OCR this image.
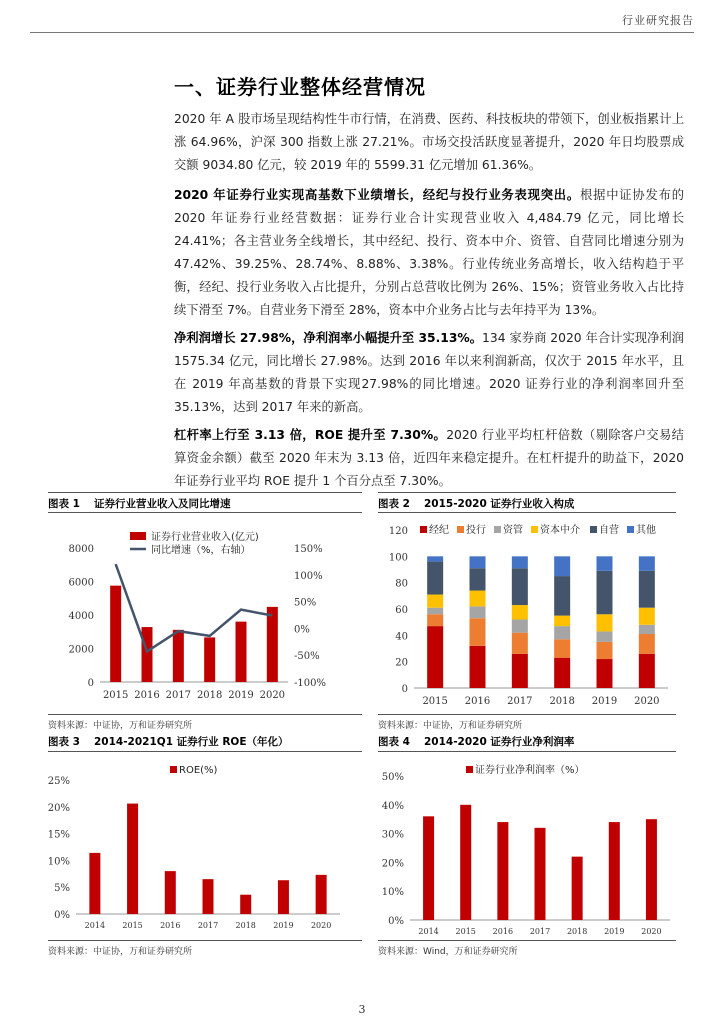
行业研究报告
一、证券行业整体经营情况
2020 年 A 股市场呈现结构性牛市行情，在消费、医药、科技板块的带领下，创业板指累计上涨 64.96%，沪深 300 指数上涨 27.21%。市场交投活跃度显著提升，2020 年日均股票成交额 9034.80 亿元，较 2019 年的 5599.31 亿元增加 61.36%。
2020 年证券行业实现高基数下业绩增长，经纪与投行业务表现突出。根据中证协发布的 2020 年证券行业经营数据：证券行业合计实现营业收入 4,484.79 亿元，同比增长 24.41%；各主营业务全线增长，其中经纪、投行、资本中介、资管、自营同比增速分别为 47.42%、39.25%、28.74%、8.88%、3.38%。行业传统业务高增长，收入结构趋于平衡，经纪、投行业务收入占比提升，分别占总营收比例为 26%、15%；资管业务收入占比持续下滑至 7%。自营业务下滑至 28%，资本中介业务占比与去年持平为 13%。
净利润增长 27.98%，净利润率小幅提升至 35.13%。134 家券商 2020 年合计实现净利润 1575.34 亿元，同比增长 27.98%。达到 2016 年以来利润新高，仅次于 2015 年水平，且在 2019 年高基数的背景下实现27.98%的同比增速。2020 证券行业的净利润率回升至35.13%，达到 2017 年来的新高。
杠杆率上行至 3.13 倍，ROE 提升至 7.30%。2020 行业平均杠杆倍数（剔除客户交易结算资金余额）截至 2020 年末为 3.13 倍，近四年来稳定提升。在杠杆提升的助益下，2020 年证券行业平均 ROE 提升 1 个百分点至 7.30%。
图表 1 证券行业营业收入及同比增速	图表 2 2015-2020 证券行业收入构成
0
2000
4000
6000
8000
-100%
-50%
0%
50%
100%
150%
2015 2016 2017 2018 2019 2020
证券行业营业收入(亿元)
同比增速（%，右轴）
0
20
40
60
80
100
120
2015 2016 2017 2018 2019 2020
经纪 投行 资管 资本中介 自营 其他
资料来源：中证协，万和证券研究所	资料来源：中证协，万和证券研究所
图表 3 2014-2021Q1 证券行业 ROE（年化）	图表 4 2014-2020 证券行业净利润率
0%
5%
10%
15%
20%
25%
2014 2015 2016 2017 2018 2019 2020
ROE(%)
0%
10%
20%
30%
40%
50%
2014 2015 2016 2017 2018 2019 2020
证券行业净利润率（%）
资料来源：中证协，万和证券研究所	资料来源：Wind，万和证券研究所
3
